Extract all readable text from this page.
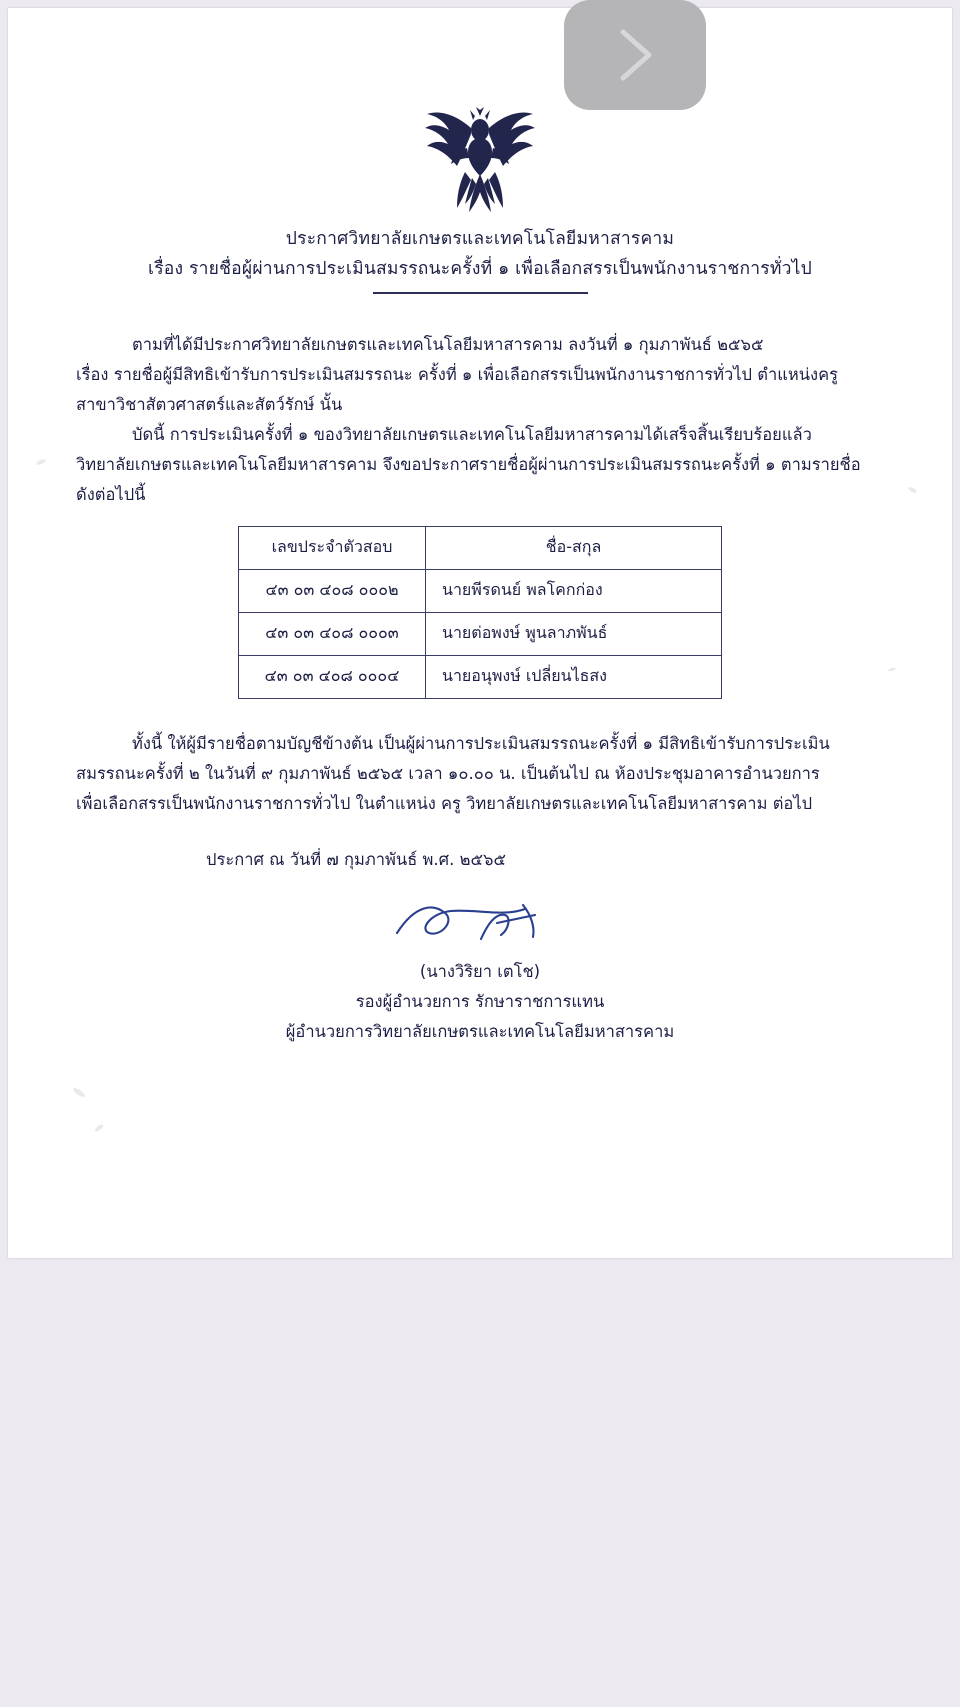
ประกาศวิทยาลัยเกษตรและเทคโนโลยีมหาสารคาม
เรื่อง รายชื่อผู้ผ่านการประเมินสมรรถนะครั้งที่ ๑ เพื่อเลือกสรรเป็นพนักงานราชการทั่วไป
ตามที่ได้มีประกาศวิทยาลัยเกษตรและเทคโนโลยีมหาสารคาม ลงวันที่ ๑ กุมภาพันธ์ ๒๕๖๕
เรื่อง รายชื่อผู้มีสิทธิเข้ารับการประเมินสมรรถนะ ครั้งที่ ๑ เพื่อเลือกสรรเป็นพนักงานราชการทั่วไป ตำแหน่งครู
สาขาวิชาสัตวศาสตร์และสัตว์รักษ์ นั้น
บัดนี้ การประเมินครั้งที่ ๑ ของวิทยาลัยเกษตรและเทคโนโลยีมหาสารคามได้เสร็จสิ้นเรียบร้อยแล้ว
วิทยาลัยเกษตรและเทคโนโลยีมหาสารคาม จึงขอประกาศรายชื่อผู้ผ่านการประเมินสมรรถนะครั้งที่ ๑ ตามรายชื่อ
ดังต่อไปนี้
เลขประจำตัวสอบ	ชื่อ-สกุล
๔๓ ๐๓ ๔๐๘ ๐๐๐๒	นายพีรดนย์ พลโคกก่อง
๔๓ ๐๓ ๔๐๘ ๐๐๐๓	นายต่อพงษ์ พูนลาภพันธ์
๔๓ ๐๓ ๔๐๘ ๐๐๐๔	นายอนุพงษ์ เปลี่ยนไธสง
ทั้งนี้ ให้ผู้มีรายชื่อตามบัญชีข้างต้น เป็นผู้ผ่านการประเมินสมรรถนะครั้งที่ ๑ มีสิทธิเข้ารับการประเมิน
สมรรถนะครั้งที่ ๒ ในวันที่ ๙ กุมภาพันธ์ ๒๕๖๕ เวลา ๑๐.๐๐ น. เป็นต้นไป ณ ห้องประชุมอาคารอำนวยการ
เพื่อเลือกสรรเป็นพนักงานราชการทั่วไป ในตำแหน่ง ครู วิทยาลัยเกษตรและเทคโนโลยีมหาสารคาม ต่อไป
ประกาศ ณ วันที่ ๗ กุมภาพันธ์ พ.ศ. ๒๕๖๕
(นางวิริยา เตโช)
รองผู้อำนวยการ รักษาราชการแทน
ผู้อำนวยการวิทยาลัยเกษตรและเทคโนโลยีมหาสารคาม
